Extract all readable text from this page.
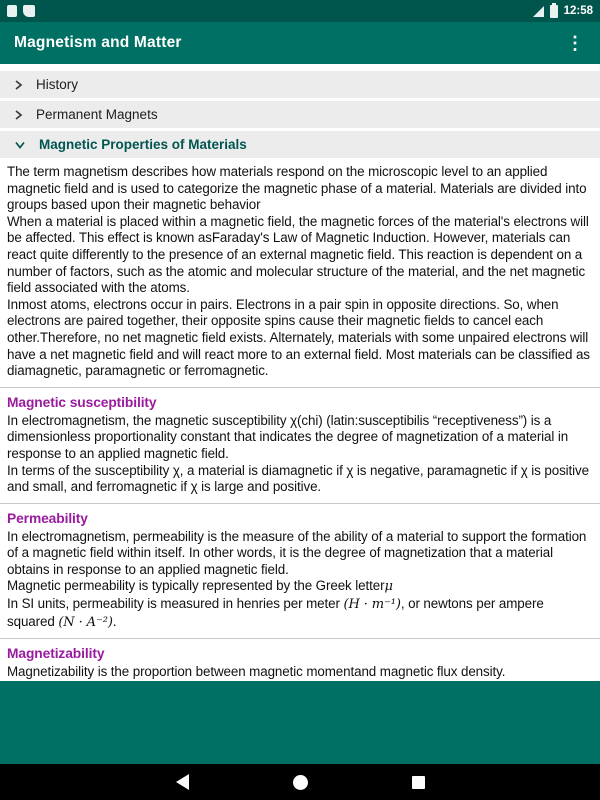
12:58
Magnetism and Matter	⋮
History
Permanent Magnets
Magnetic Properties of Materials

The term magnetism describes how materials respond on the microscopic level to an applied magnetic field and is used to categorize the magnetic phase of a material. Materials are divided into groups based upon their magnetic behavior

When a material is placed within a magnetic field, the magnetic forces of the material's electrons will be affected. This effect is known asFaraday's Law of Magnetic Induction. However, materials can react quite differently to the presence of an external magnetic field. This reaction is dependent on a number of factors, such as the atomic and molecular structure of the material, and the net magnetic field associated with the atoms.

Inmost atoms, electrons occur in pairs. Electrons in a pair spin in opposite directions. So, when electrons are paired together, their opposite spins cause their magnetic fields to cancel each other.Therefore, no net magnetic field exists. Alternately, materials with some unpaired electrons will have a net magnetic field and will react more to an external field. Most materials can be classified as diamagnetic, paramagnetic or ferromagnetic.

Magnetic susceptibility

In electromagnetism, the magnetic susceptibility χ(chi) (latin:susceptibilis “receptiveness”) is a dimensionless proportionality constant that indicates the degree of magnetization of a material in response to an applied magnetic field.

In terms of the susceptibility χ, a material is diamagnetic if χ is negative, paramagnetic if χ is positive and small, and ferromagnetic if χ is large and positive.

Permeability

In electromagnetism, permeability is the measure of the ability of a material to support the formation of a magnetic field within itself. In other words, it is the degree of magnetization that a material obtains in response to an applied magnetic field.

Magnetic permeability is typically represented by the Greek letterμ

In SI units, permeability is measured in henries per meter (H · m⁻¹), or newtons per ampere squared (N · A⁻²).

Magnetizability

Magnetizability is the proportion between magnetic momentand magnetic flux density.
